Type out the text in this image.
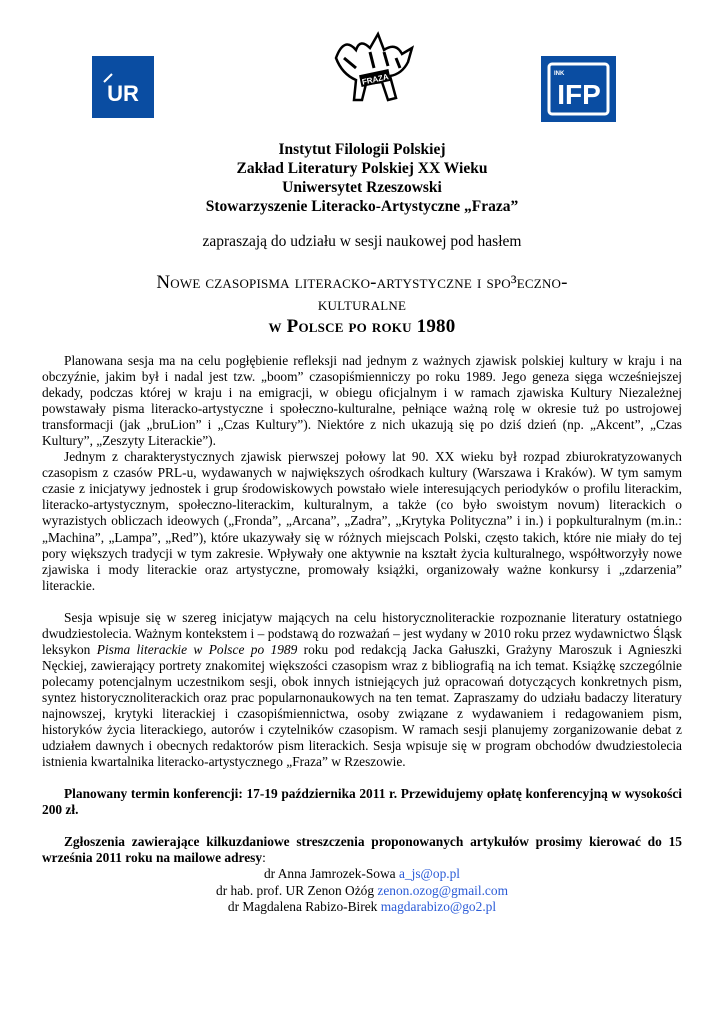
UR
FRAZA	INK
IFP
Instytut Filologii Polskiej
Zakład Literatury Polskiej XX Wieku
Uniwersytet Rzeszowski
Stowarzyszenie Literacko-Artystyczne „Fraza”
zapraszają do udziału w sesji naukowej pod hasłem
Nowe czasopisma literacko-artystyczne i spo³eczno-
kulturalne
w Polsce po roku 1980

Planowana sesja ma na celu pogłębienie refleksji nad jednym z ważnych zjawisk polskiej kultury w kraju i na obczyźnie, jakim był i nadal jest tzw. „boom” czasopiśmienniczy po roku 1989. Jego geneza sięga wcześniejszej dekady, podczas której w kraju i na emigracji, w obiegu oficjalnym i w ramach zjawiska Kultury Niezależnej powstawały pisma literacko-artystyczne i społeczno-kulturalne, pełniące ważną rolę w okresie tuż po ustrojowej transformacji (jak „bruLion” i „Czas Kultury”). Niektóre z nich ukazują się po dziś dzień (np. „Akcent”, „Czas Kultury”, „Zeszyty Literackie”).

Jednym z charakterystycznych zjawisk pierwszej połowy lat 90. XX wieku był rozpad zbiurokratyzowanych czasopism z czasów PRL-u, wydawanych w największych ośrodkach kultury (Warszawa i Kraków). W tym samym czasie z inicjatywy jednostek i grup środowiskowych powstało wiele interesujących periodyków o profilu literackim, literacko-artystycznym, społeczno-literackim, kulturalnym, a także (co było swoistym novum) literackich o wyrazistych obliczach ideowych („Fronda”, „Arcana”, „Zadra”, „Krytyka Polityczna” i in.) i popkulturalnym (m.in.: „Machina”, „Lampa”, „Red”), które ukazywały się w różnych miejscach Polski, często takich, które nie miały do tej pory większych tradycji w tym zakresie. Wpływały one aktywnie na kształt życia kulturalnego, współtworzyły nowe zjawiska i mody literackie oraz artystyczne, promowały książki, organizowały ważne konkursy i „zdarzenia” literackie.

Sesja wpisuje się w szereg inicjatyw mających na celu historycznoliterackie rozpoznanie literatury ostatniego dwudziestolecia. Ważnym kontekstem i – podstawą do rozważań – jest wydany w 2010 roku przez wydawnictwo Śląsk leksykon Pisma literackie w Polsce po 1989 roku pod redakcją Jacka Gałuszki, Grażyny Maroszuk i Agnieszki Nęckiej, zawierający portrety znakomitej większości czasopism wraz z bibliografią na ich temat. Książkę szczególnie polecamy potencjalnym uczestnikom sesji, obok innych istniejących już opracowań dotyczących konkretnych pism, syntez historycznoliterackich oraz prac popularnonaukowych na ten temat. Zapraszamy do udziału badaczy literatury najnowszej, krytyki literackiej i czasopiśmiennictwa, osoby związane z wydawaniem i redagowaniem pism, historyków życia literackiego, autorów i czytelników czasopism. W ramach sesji planujemy zorganizowanie debat z udziałem dawnych i obecnych redaktorów pism literackich. Sesja wpisuje się w program obchodów dwudziestolecia istnienia kwartalnika literacko-artystycznego „Fraza” w Rzeszowie.

Planowany termin konferencji: 17-19 października 2011 r. Przewidujemy opłatę konferencyjną w wysokości 200 zł.

Zgłoszenia zawierające kilkuzdaniowe streszczenia proponowanych artykułów prosimy kierować do 15 września 2011 roku na mailowe adresy:

dr Anna Jamrozek-Sowa a_js@op.pl
dr hab. prof. UR Zenon Ożóg zenon.ozog@gmail.com
dr Magdalena Rabizo-Birek magdarabizo@go2.pl
